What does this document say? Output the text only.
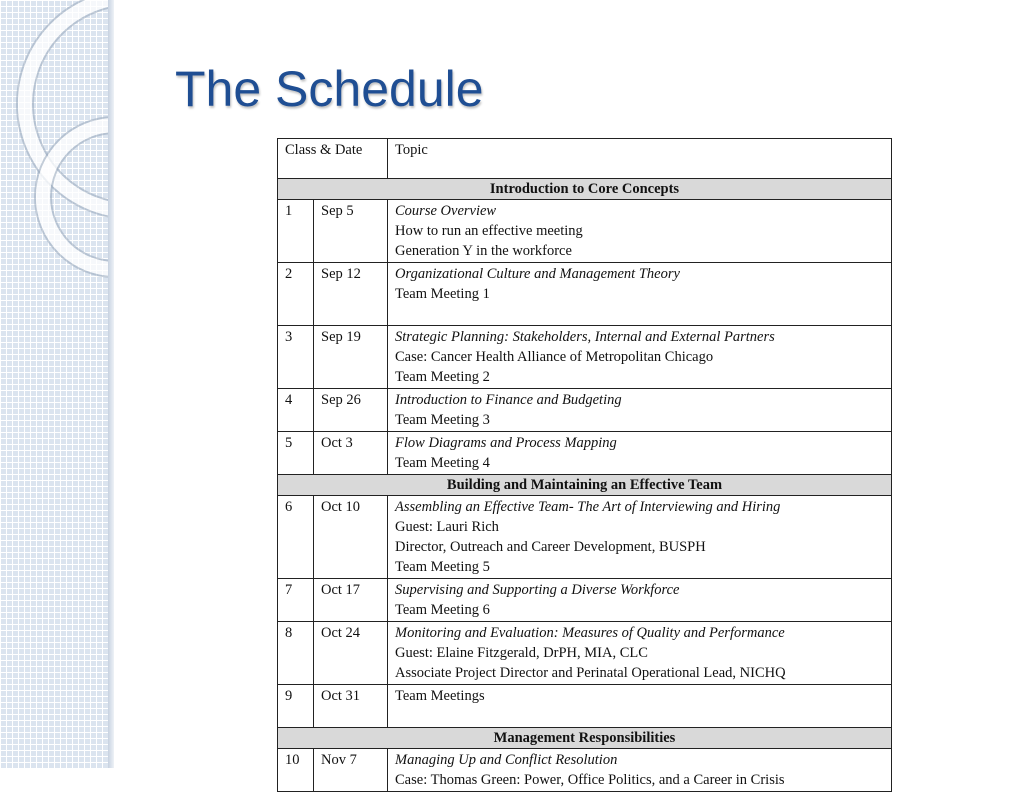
The Schedule
Class & Date		Topic
Introduction to Core Concepts		
1	Sep 5	Course Overview
How to run an effective meeting
Generation Y in the workforce

2	Sep 12	Organizational Culture and Management Theory
Team Meeting 1

3	Sep 19	Strategic Planning: Stakeholders, Internal and External Partners
Case: Cancer Health Alliance of Metropolitan Chicago
Team Meeting 2

4	Sep 26	Introduction to Finance and Budgeting
Team Meeting 3

5	Oct 3	Flow Diagrams and Process Mapping
Team Meeting 4

Building and Maintaining an Effective Team		
6	Oct 10	Assembling an Effective Team- The Art of Interviewing and Hiring
Guest: Lauri Rich
Director, Outreach and Career Development, BUSPH
Team Meeting 5

7	Oct 17	Supervising and Supporting a Diverse Workforce
Team Meeting 6

8	Oct 24	Monitoring and Evaluation: Measures of Quality and Performance
Guest: Elaine Fitzgerald, DrPH, MIA, CLC
Associate Project Director and Perinatal Operational Lead, NICHQ

9	Oct 31	Team Meetings

Management Responsibilities		
10	Nov 7	Managing Up and Conflict Resolution
Case: Thomas Green: Power, Office Politics, and a Career in Crisis
